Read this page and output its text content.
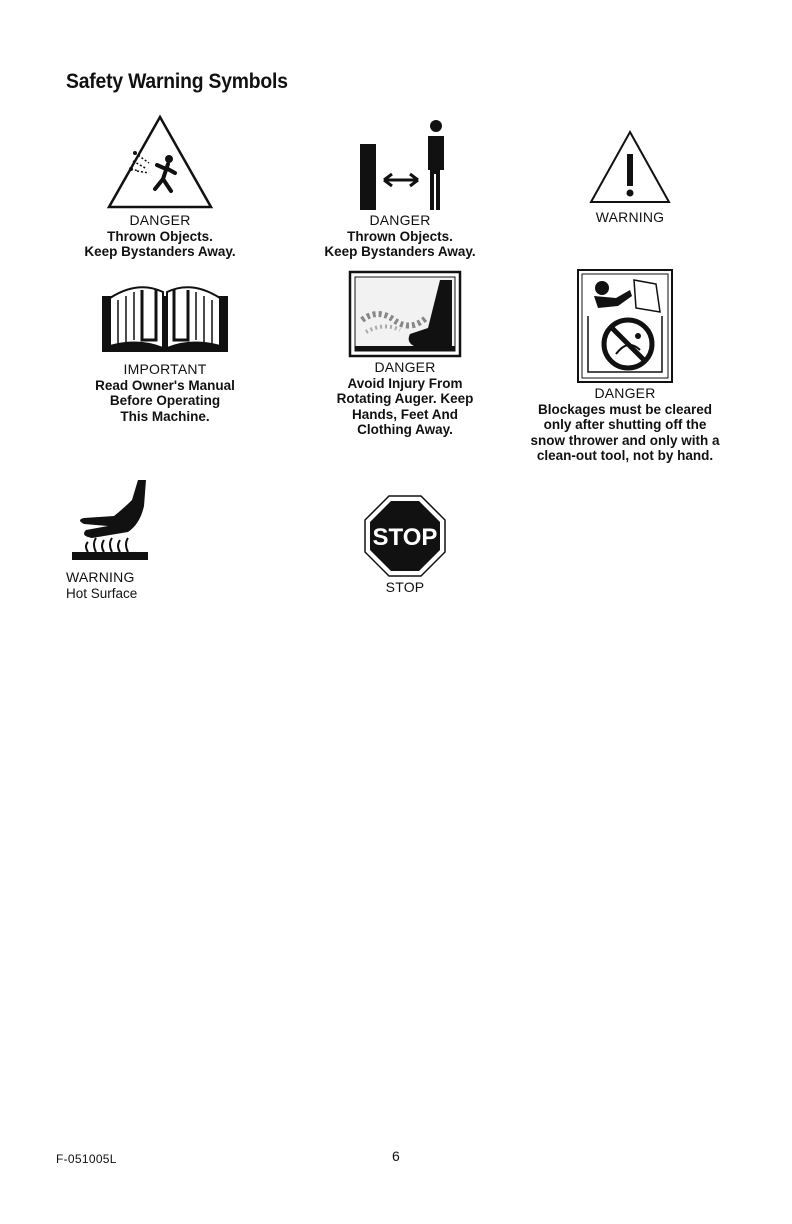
Safety Warning Symbols
DANGER
Thrown Objects.
Keep Bystanders Away.
DANGER
Thrown Objects.
Keep Bystanders Away.
WARNING
IMPORTANT
Read Owner's Manual
Before Operating
This Machine.
DANGER
Avoid Injury From
Rotating Auger. Keep
Hands, Feet And
Clothing Away.
DANGER
Blockages must be cleared
only after shutting off the
snow thrower and only with a
clean-out tool, not by hand.
WARNING
Hot Surface
STOP
STOP
F-051005L	6
